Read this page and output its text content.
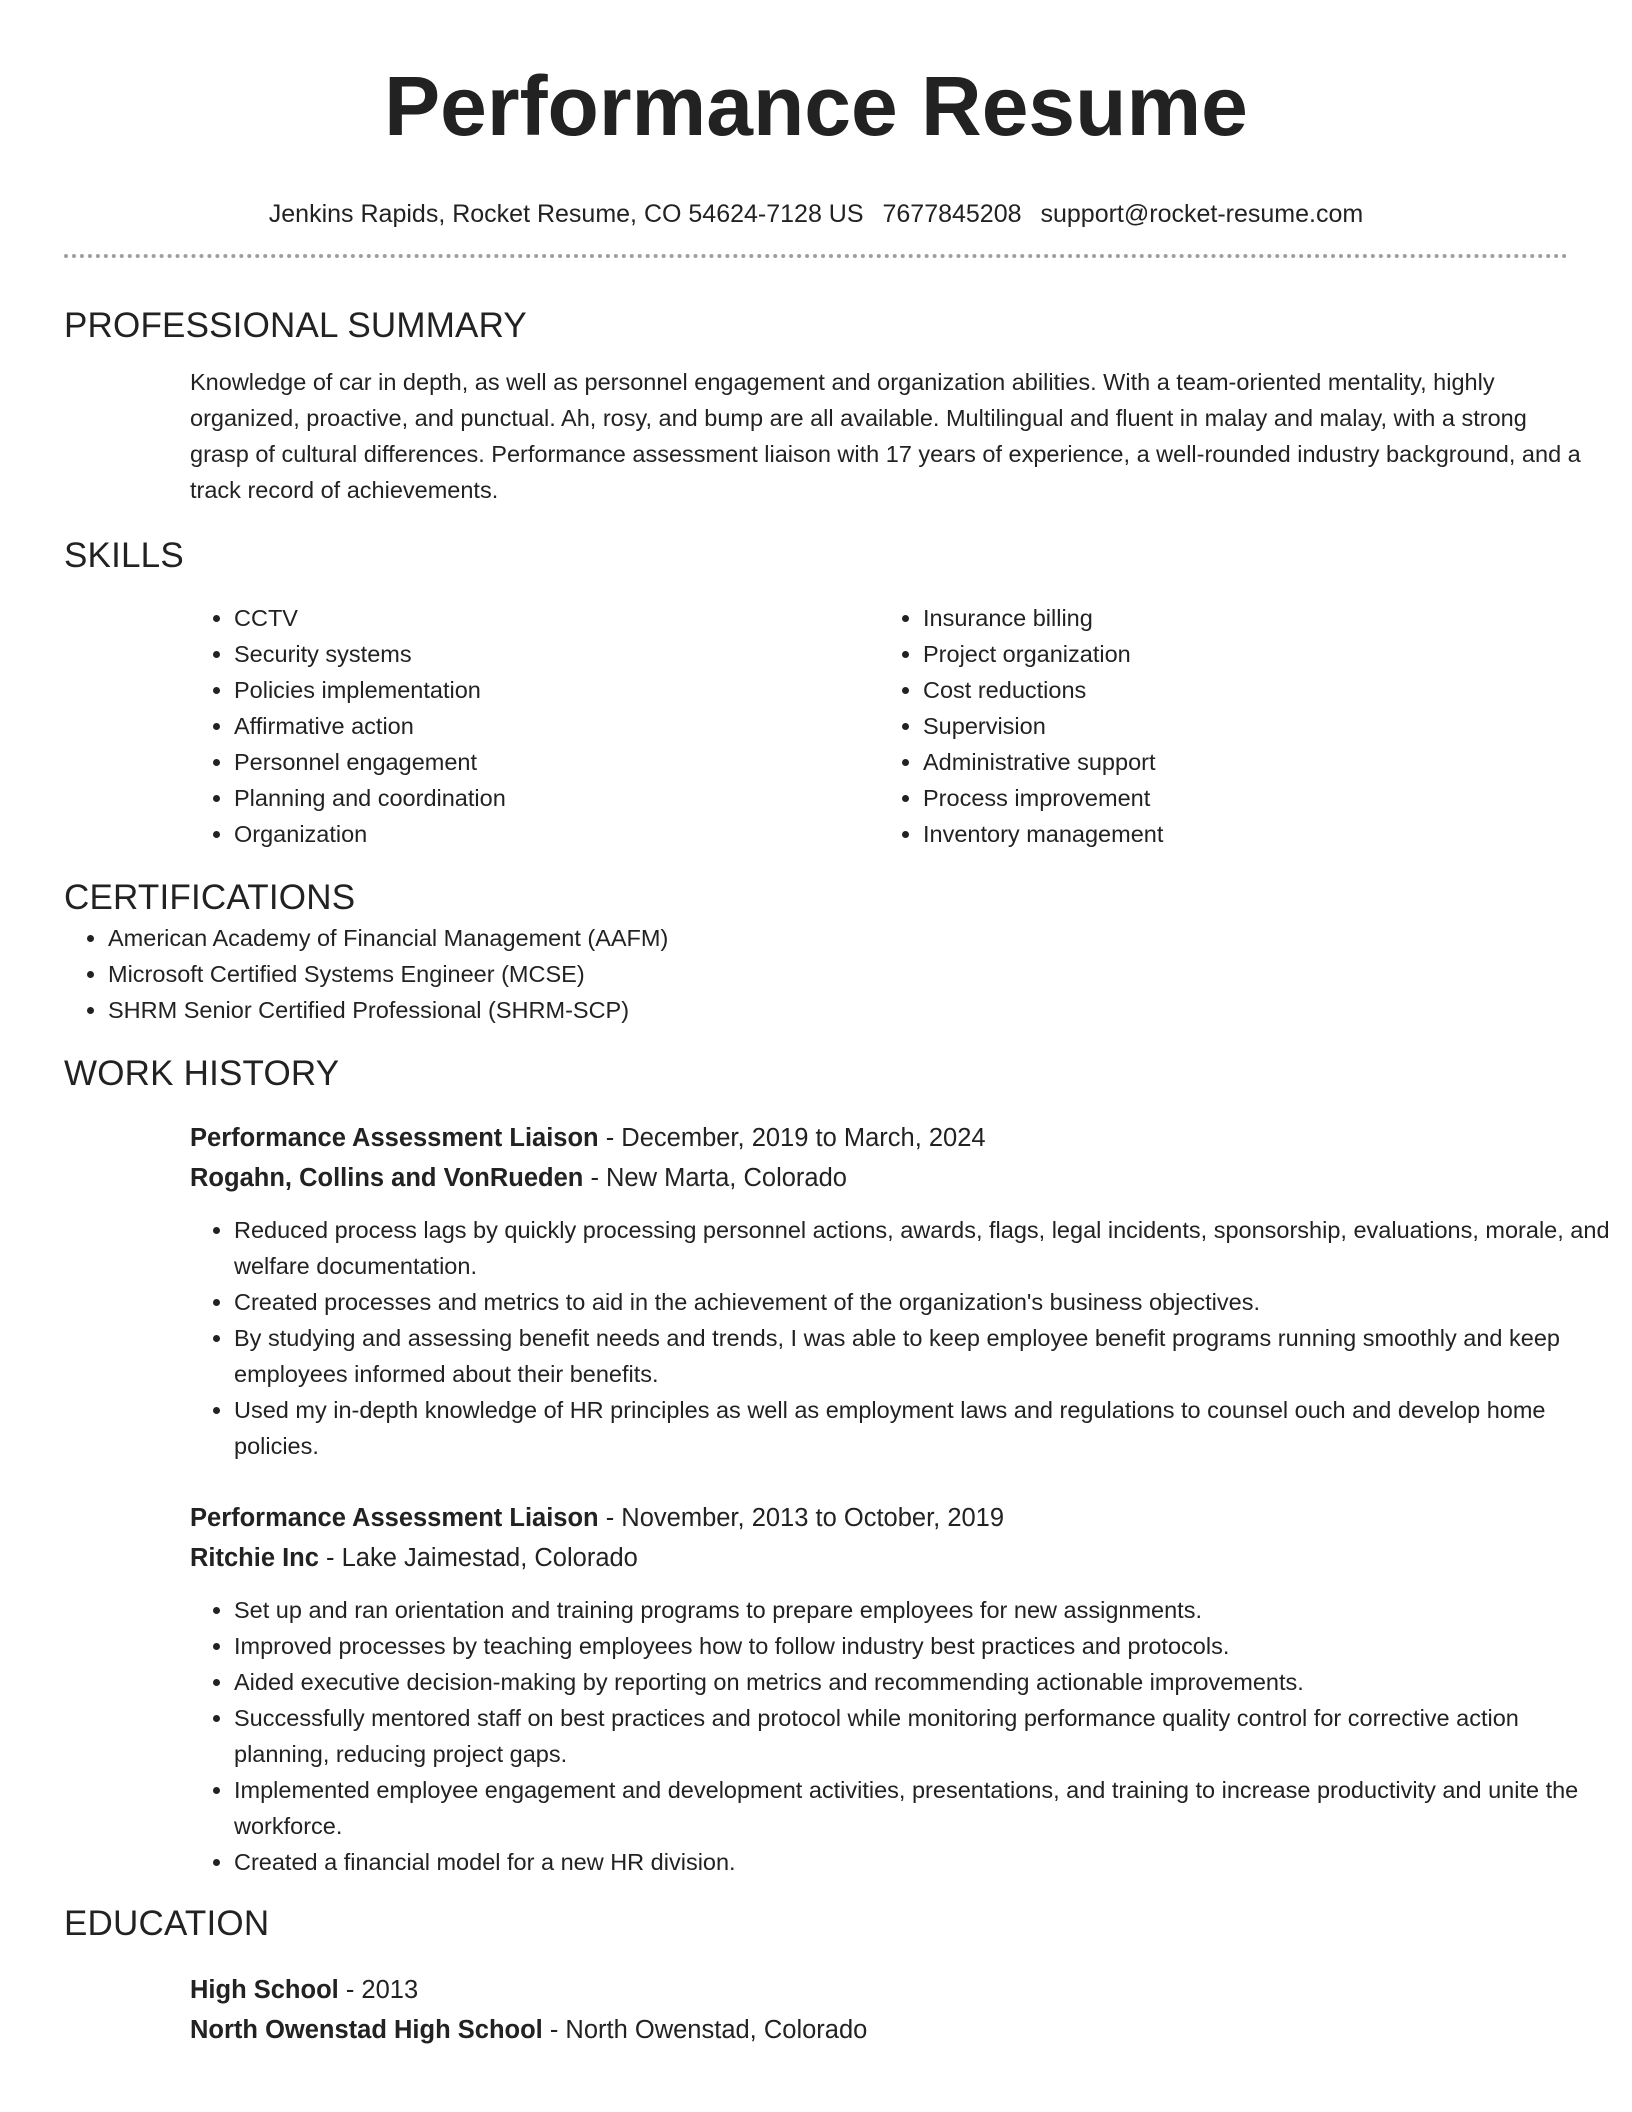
Performance Resume
Jenkins Rapids, Rocket Resume, CO 54624-7128 US 7677845208 support@rocket-resume.com
PROFESSIONAL SUMMARY

Knowledge of car in depth, as well as personnel engagement and organization abilities. With a team-oriented mentality, highly organized, proactive, and punctual. Ah, rosy, and bump are all available. Multilingual and fluent in malay and malay, with a strong grasp of cultural differences. Performance assessment liaison with 17 years of experience, a well-rounded industry background, and a track record of achievements.

SKILLS
• CCTV
• Security systems
• Policies implementation
• Affirmative action
• Personnel engagement
• Planning and coordination
• Organization
• Insurance billing
• Project organization
• Cost reductions
• Supervision
• Administrative support
• Process improvement
• Inventory management
CERTIFICATIONS
• American Academy of Financial Management (AAFM)
• Microsoft Certified Systems Engineer (MCSE)
• SHRM Senior Certified Professional (SHRM-SCP)
WORK HISTORY
Performance Assessment Liaison - December, 2019 to March, 2024
Rogahn, Collins and VonRueden - New Marta, Colorado
• Reduced process lags by quickly processing personnel actions, awards, flags, legal incidents, sponsorship, evaluations, morale, and welfare documentation.
• Created processes and metrics to aid in the achievement of the organization's business objectives.
• By studying and assessing benefit needs and trends, I was able to keep employee benefit programs running smoothly and keep employees informed about their benefits.
• Used my in-depth knowledge of HR principles as well as employment laws and regulations to counsel ouch and develop home policies.
Performance Assessment Liaison - November, 2013 to October, 2019
Ritchie Inc - Lake Jaimestad, Colorado
• Set up and ran orientation and training programs to prepare employees for new assignments.
• Improved processes by teaching employees how to follow industry best practices and protocols.
• Aided executive decision-making by reporting on metrics and recommending actionable improvements.
• Successfully mentored staff on best practices and protocol while monitoring performance quality control for corrective action planning, reducing project gaps.
• Implemented employee engagement and development activities, presentations, and training to increase productivity and unite the workforce.
• Created a financial model for a new HR division.
EDUCATION
High School - 2013
North Owenstad High School - North Owenstad, Colorado
